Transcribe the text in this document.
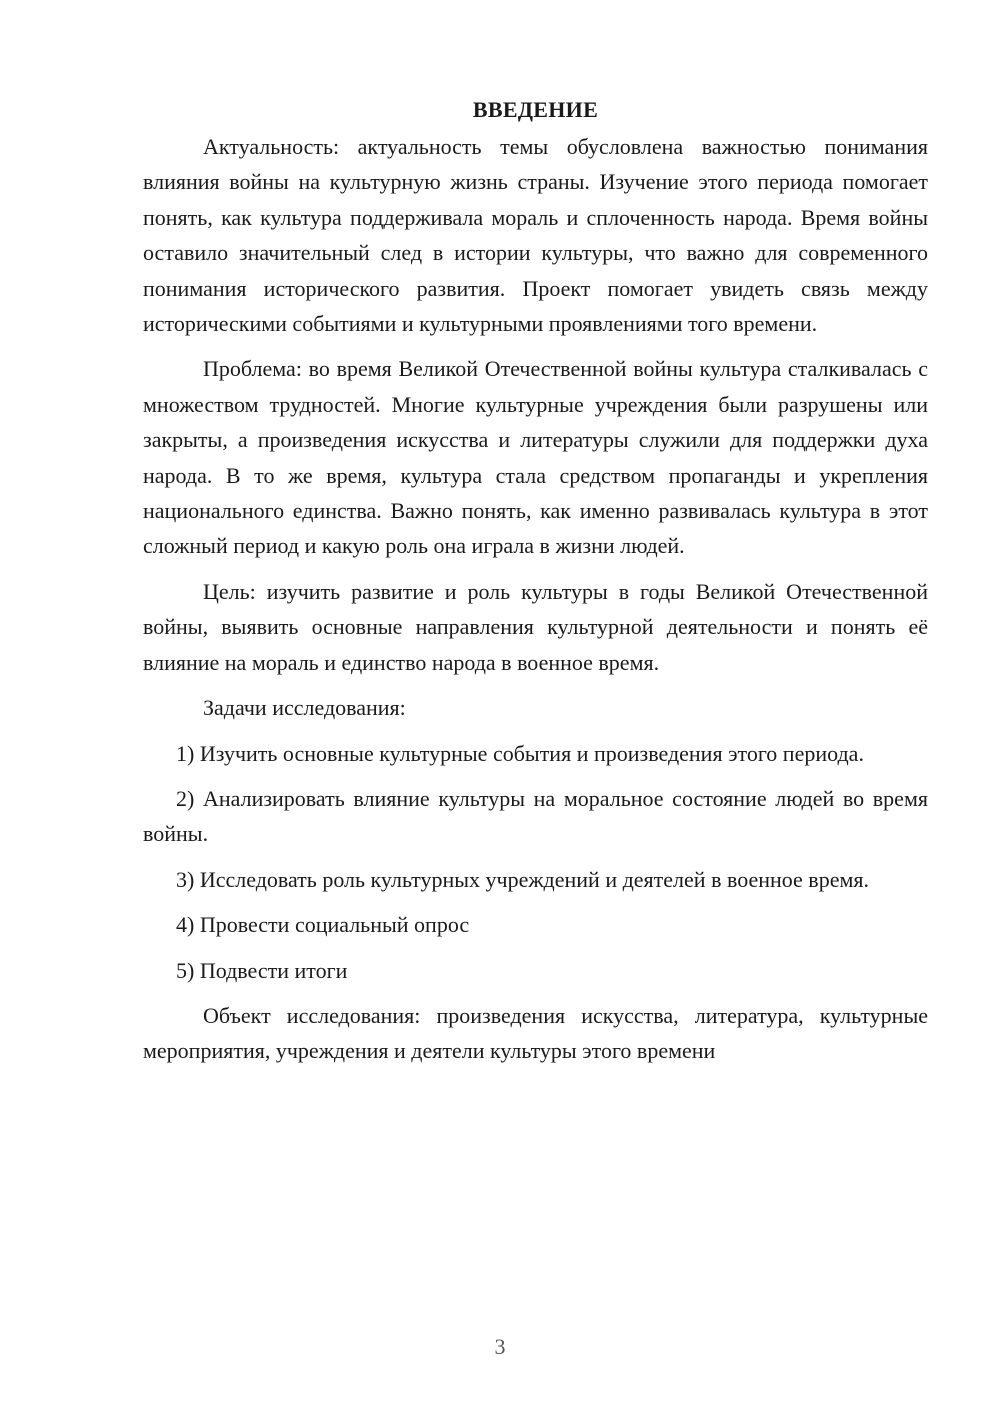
ВВЕДЕНИЕ

Актуальность: актуальность темы обусловлена важностью понимания влияния войны на культурную жизнь страны. Изучение этого периода помогает понять, как культура поддерживала мораль и сплоченность народа. Время войны оставило значительный след в истории культуры, что важно для современного понимания исторического развития. Проект помогает увидеть связь между историческими событиями и культурными проявлениями того времени.

Проблема: во время Великой Отечественной войны культура сталкивалась с множеством трудностей. Многие культурные учреждения были разрушены или закрыты, а произведения искусства и литературы служили для поддержки духа народа. В то же время, культура стала средством пропаганды и укрепления национального единства. Важно понять, как именно развивалась культура в этот сложный период и какую роль она играла в жизни людей.

Цель: изучить развитие и роль культуры в годы Великой Отечественной войны, выявить основные направления культурной деятельности и понять её влияние на мораль и единство народа в военное время.

Задачи исследования:

1) Изучить основные культурные события и произведения этого периода.

2) Анализировать влияние культуры на моральное состояние людей во время войны.

3) Исследовать роль культурных учреждений и деятелей в военное время.

4) Провести социальный опрос

5) Подвести итоги

Объект исследования: произведения искусства, литература, культурные мероприятия, учреждения и деятели культуры этого времени

3
